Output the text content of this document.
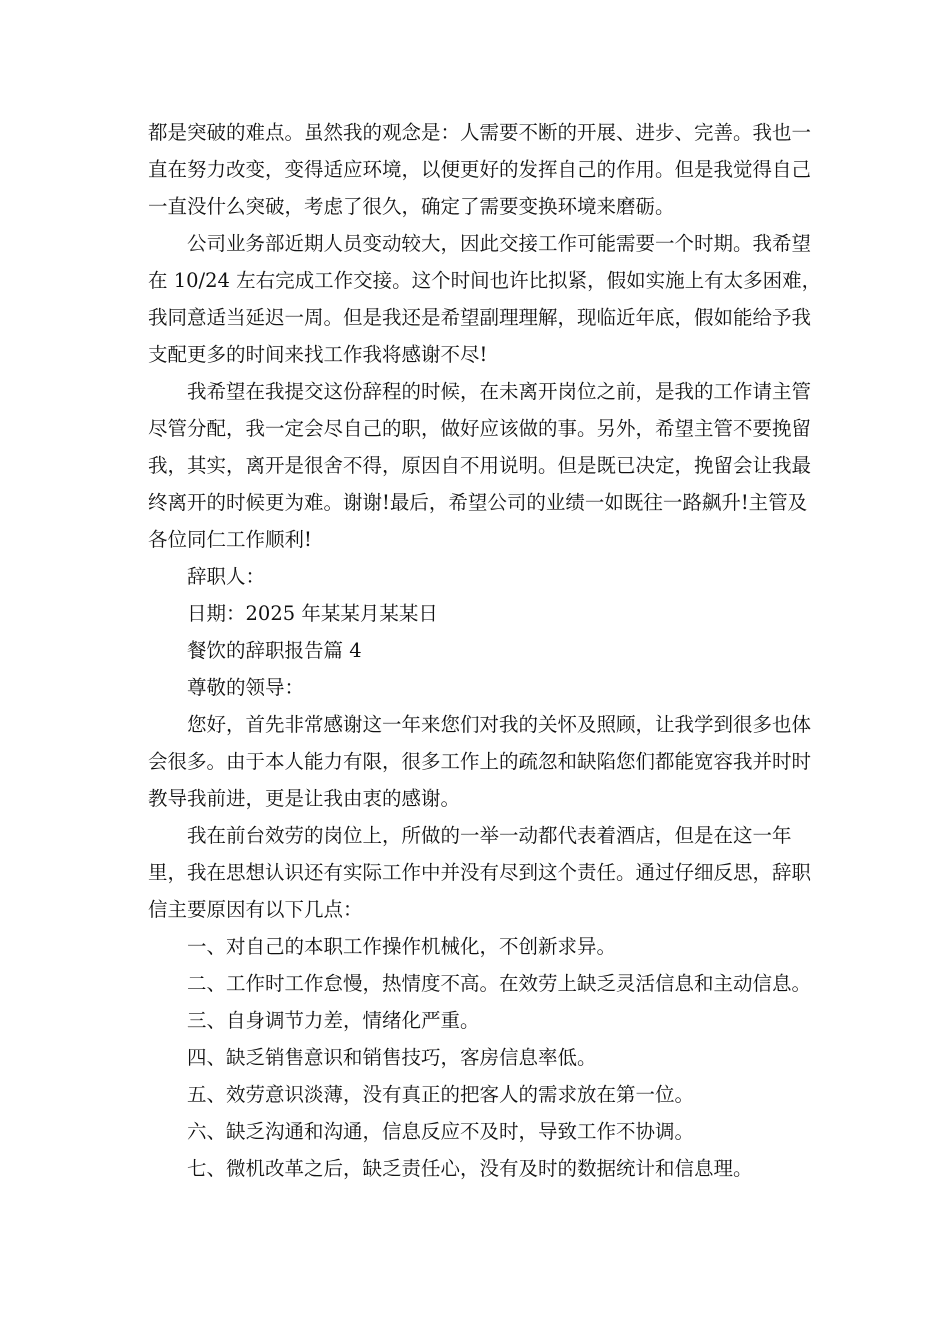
都是突破的难点。虽然我的观念是：人需要不断的开展、进步、完善。我也一
直在努力改变，变得适应环境，以便更好的发挥自己的作用。但是我觉得自己
一直没什么突破，考虑了很久，确定了需要变换环境来磨砺。
公司业务部近期人员变动较大，因此交接工作可能需要一个时期。我希望
在 10/24 左右完成工作交接。这个时间也许比拟紧，假如实施上有太多困难，
我同意适当延迟一周。但是我还是希望副理理解，现临近年底，假如能给予我
支配更多的时间来找工作我将感谢不尽!
我希望在我提交这份辞程的时候，在未离开岗位之前，是我的工作请主管
尽管分配，我一定会尽自己的职，做好应该做的事。另外，希望主管不要挽留
我，其实，离开是很舍不得，原因自不用说明。但是既已决定，挽留会让我最
终离开的时候更为难。谢谢!最后，希望公司的业绩一如既往一路飙升!主管及
各位同仁工作顺利!
辞职人：
日期：2025 年某某月某某日
餐饮的辞职报告篇 4
尊敬的领导：
您好，首先非常感谢这一年来您们对我的关怀及照顾，让我学到很多也体
会很多。由于本人能力有限，很多工作上的疏忽和缺陷您们都能宽容我并时时
教导我前进，更是让我由衷的感谢。
我在前台效劳的岗位上，所做的一举一动都代表着酒店，但是在这一年
里，我在思想认识还有实际工作中并没有尽到这个责任。通过仔细反思，辞职
信主要原因有以下几点：
一、对自己的本职工作操作机械化，不创新求异。
二、工作时工作怠慢，热情度不高。在效劳上缺乏灵活信息和主动信息。
三、自身调节力差，情绪化严重。
四、缺乏销售意识和销售技巧，客房信息率低。
五、效劳意识淡薄，没有真正的把客人的需求放在第一位。
六、缺乏沟通和沟通，信息反应不及时，导致工作不协调。
七、微机改革之后，缺乏责任心，没有及时的数据统计和信息理。
